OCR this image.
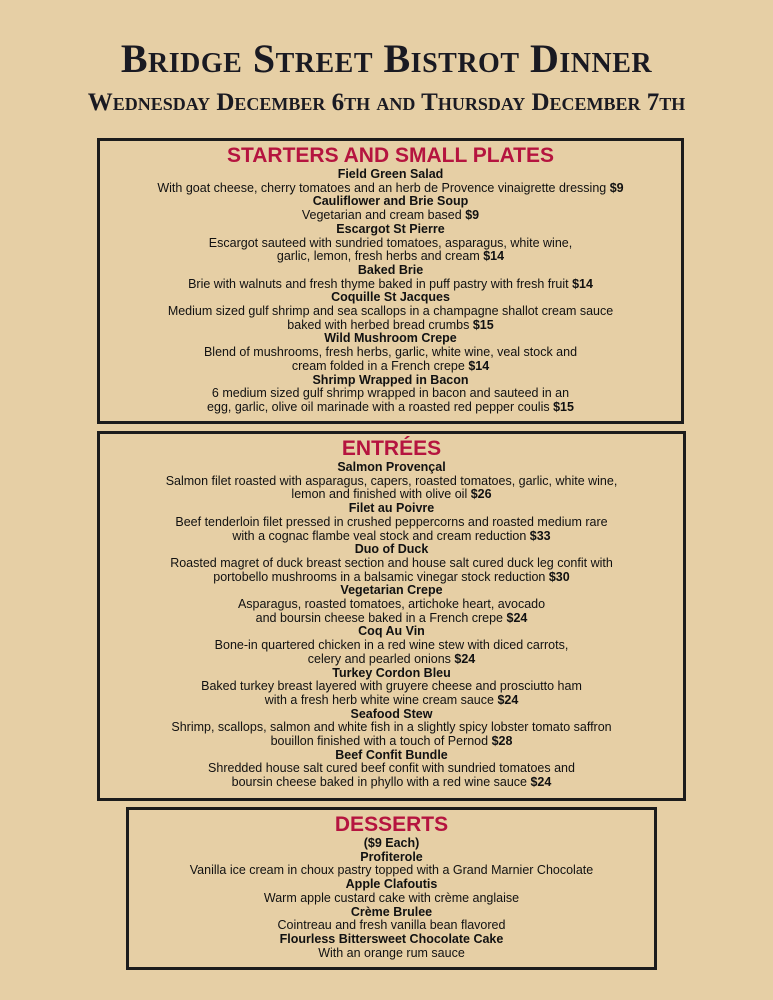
Bridge Street Bistrot Dinner
Wednesday December 6th and Thursday December 7th
STARTERS AND SMALL PLATES
Field Green Salad
With goat cheese, cherry tomatoes and an herb de Provence vinaigrette dressing $9
Cauliflower and Brie Soup
Vegetarian and cream based $9
Escargot St Pierre
Escargot sauteed with sundried tomatoes, asparagus, white wine,
garlic, lemon, fresh herbs and cream $14
Baked Brie
Brie with walnuts and fresh thyme baked in puff pastry with fresh fruit $14
Coquille St Jacques
Medium sized gulf shrimp and sea scallops in a champagne shallot cream sauce
baked with herbed bread crumbs $15
Wild Mushroom Crepe
Blend of mushrooms, fresh herbs, garlic, white wine, veal stock and
cream folded in a French crepe $14
Shrimp Wrapped in Bacon
6 medium sized gulf shrimp wrapped in bacon and sauteed in an
egg, garlic, olive oil marinade with a roasted red pepper coulis $15
ENTRÉES
Salmon Provençal
Salmon filet roasted with asparagus, capers, roasted tomatoes, garlic, white wine,
lemon and finished with olive oil $26
Filet au Poivre
Beef tenderloin filet pressed in crushed peppercorns and roasted medium rare
with a cognac flambe veal stock and cream reduction $33
Duo of Duck
Roasted magret of duck breast section and house salt cured duck leg confit with
portobello mushrooms in a balsamic vinegar stock reduction $30
Vegetarian Crepe
Asparagus, roasted tomatoes, artichoke heart, avocado
and boursin cheese baked in a French crepe $24
Coq Au Vin
Bone-in quartered chicken in a red wine stew with diced carrots,
celery and pearled onions $24
Turkey Cordon Bleu
Baked turkey breast layered with gruyere cheese and prosciutto ham
with a fresh herb white wine cream sauce $24
Seafood Stew
Shrimp, scallops, salmon and white fish in a slightly spicy lobster tomato saffron
bouillon finished with a touch of Pernod $28
Beef Confit Bundle
Shredded house salt cured beef confit with sundried tomatoes and
boursin cheese baked in phyllo with a red wine sauce $24
DESSERTS
($9 Each)
Profiterole
Vanilla ice cream in choux pastry topped with a Grand Marnier Chocolate
Apple Clafoutis
Warm apple custard cake with crème anglaise
Crème Brulee
Cointreau and fresh vanilla bean flavored
Flourless Bittersweet Chocolate Cake
With an orange rum sauce
